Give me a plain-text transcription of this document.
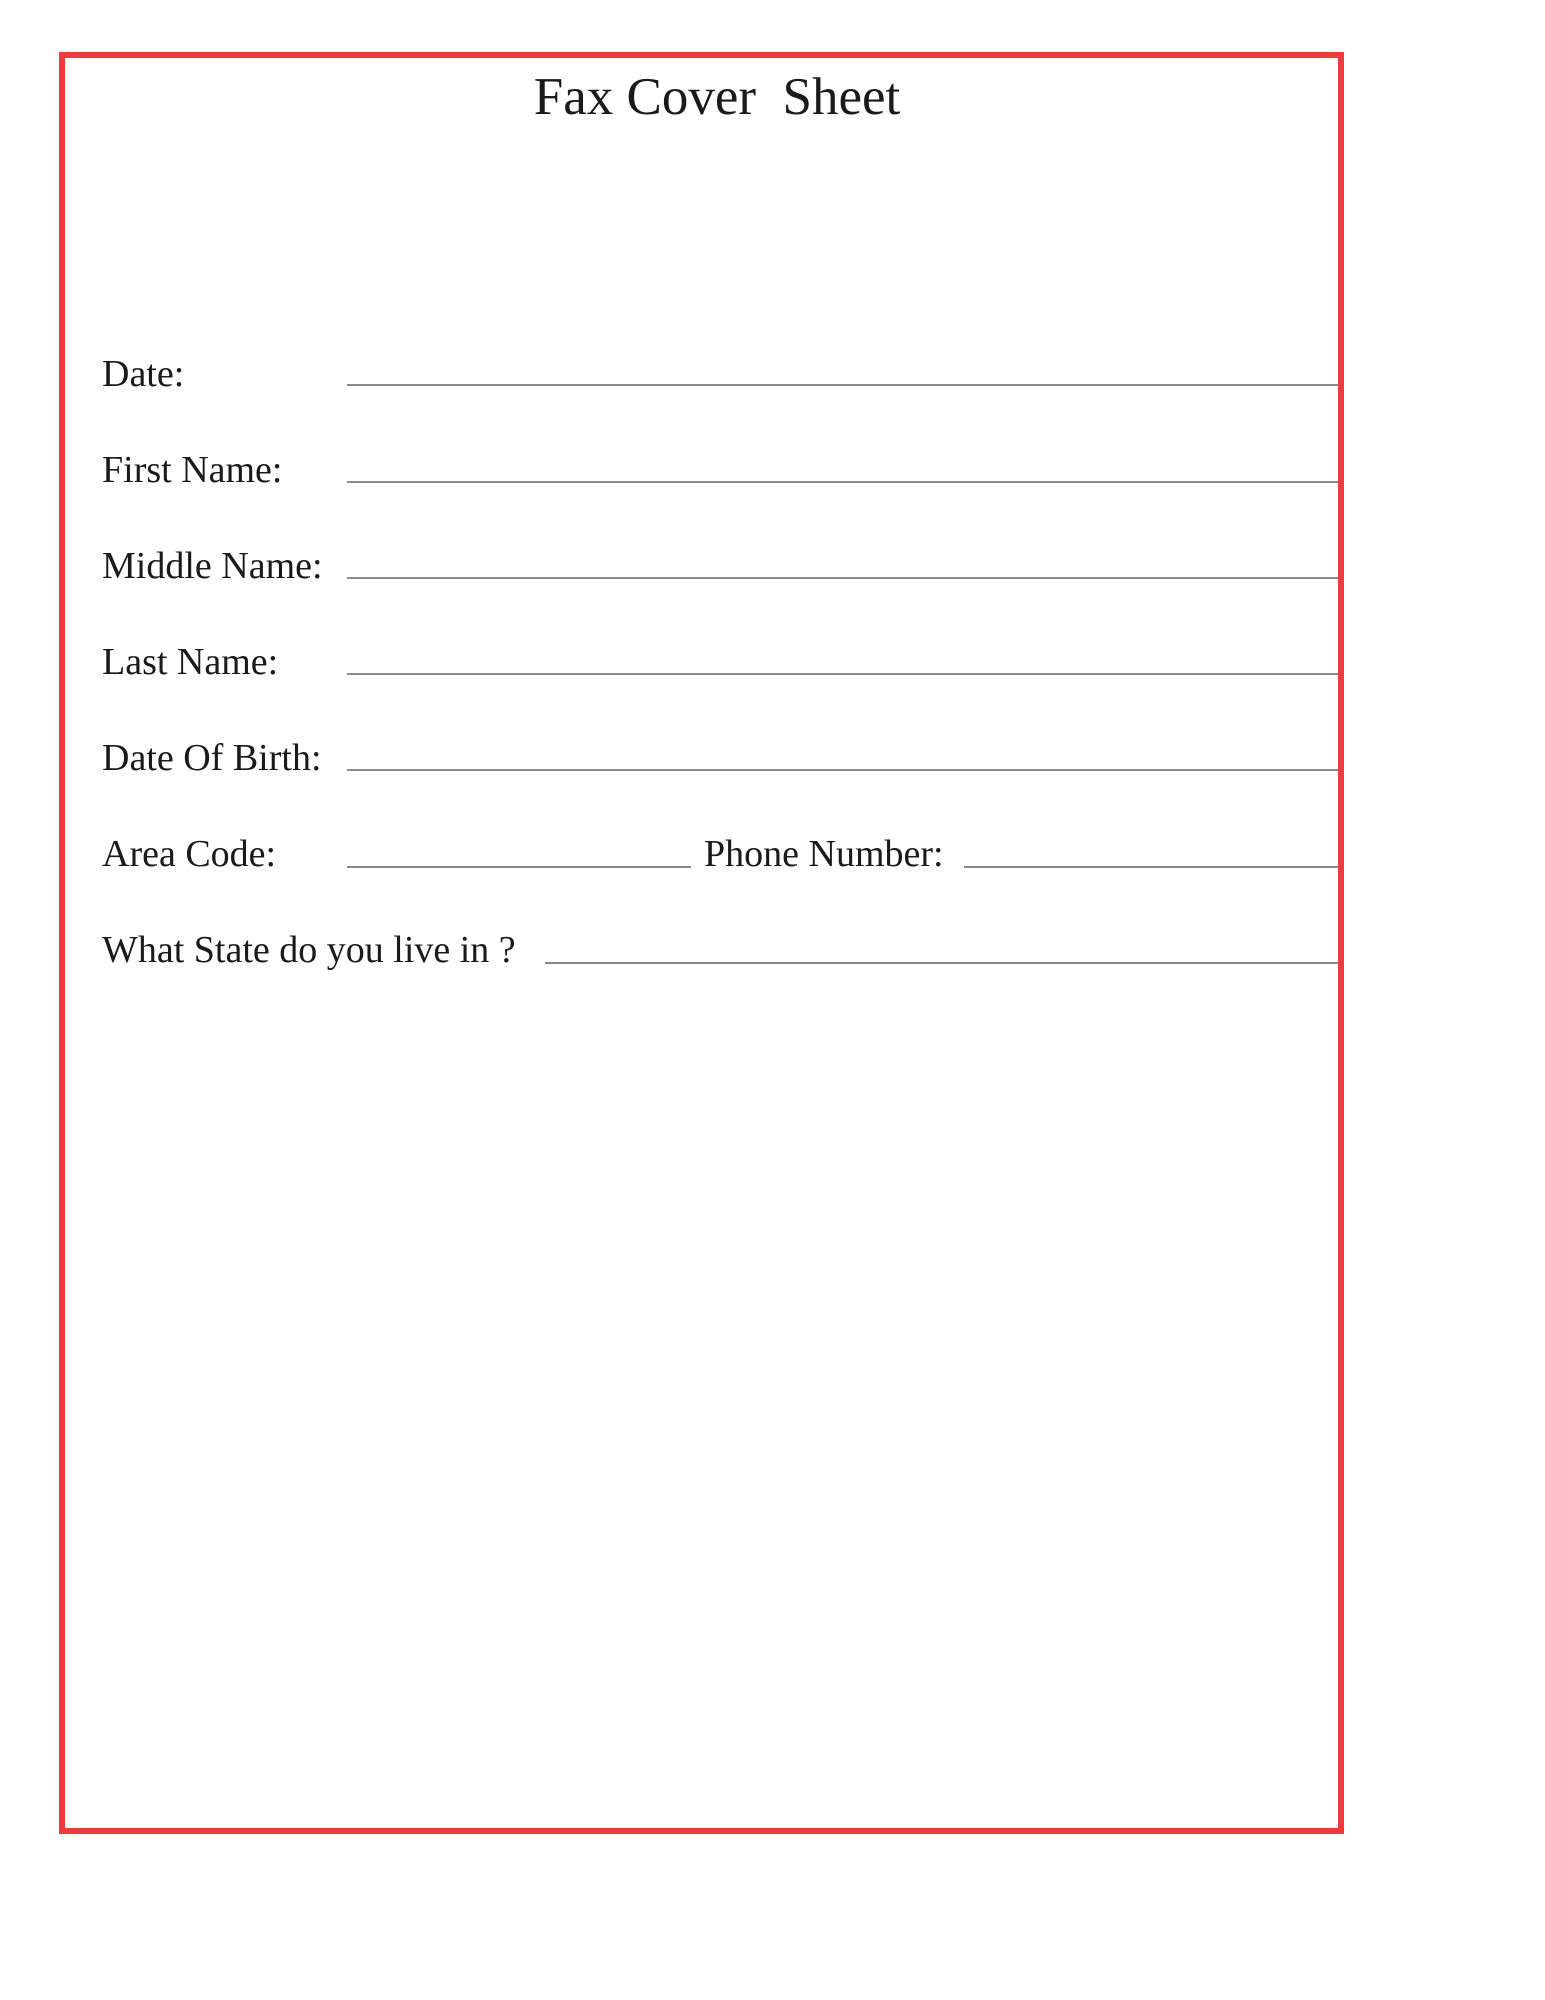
Fax Cover  Sheet
Date:
First Name:
Middle Name:
Last Name:
Date Of Birth:
Area Code:	Phone Number:
What State do you live in ?
